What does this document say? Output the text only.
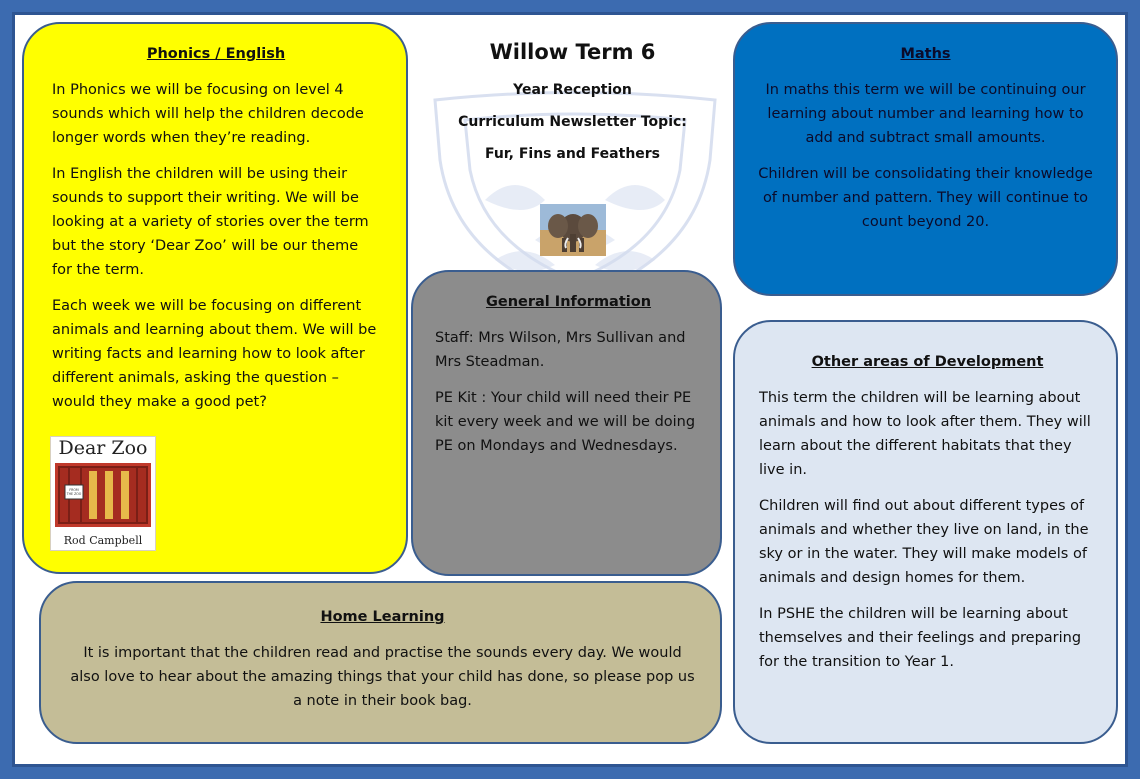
Willow Term 6
Year Reception
Curriculum Newsletter Topic:
Fur, Fins and Feathers
Phonics / English

In Phonics we will be focusing on level 4 sounds which will help the children decode longer words when they’re reading.

In English the children will be using their sounds to support their writing. We will be looking at a variety of stories over the term but the story ‘Dear Zoo’ will be our theme for the term.

Each week we will be focusing on different animals and learning about them. We will be writing facts and learning how to look after different animals, asking the question – would they make a good pet?

Dear Zoo
FROM
THE ZOO
Rod Campbell
Maths

In maths this term we will be continuing our learning about number and learning how to add and subtract small amounts.

Children will be consolidating their knowledge of number and pattern. They will continue to count beyond 20.

General Information

Staff: Mrs Wilson, Mrs Sullivan and Mrs Steadman.

PE Kit : Your child will need their PE kit every week and we will be doing PE on Mondays and Wednesdays.

Other areas of Development

This term the children will be learning about animals and how to look after them. They will learn about the different habitats that they live in.

Children will find out about different types of animals and whether they live on land, in the sky or in the water. They will make models of animals and design homes for them.

In PSHE the children will be learning about themselves and their feelings and preparing for the transition to Year 1.

Home Learning

It is important that the children read and practise the sounds every day. We would also love to hear about the amazing things that your child has done, so please pop us a note in their book bag.
